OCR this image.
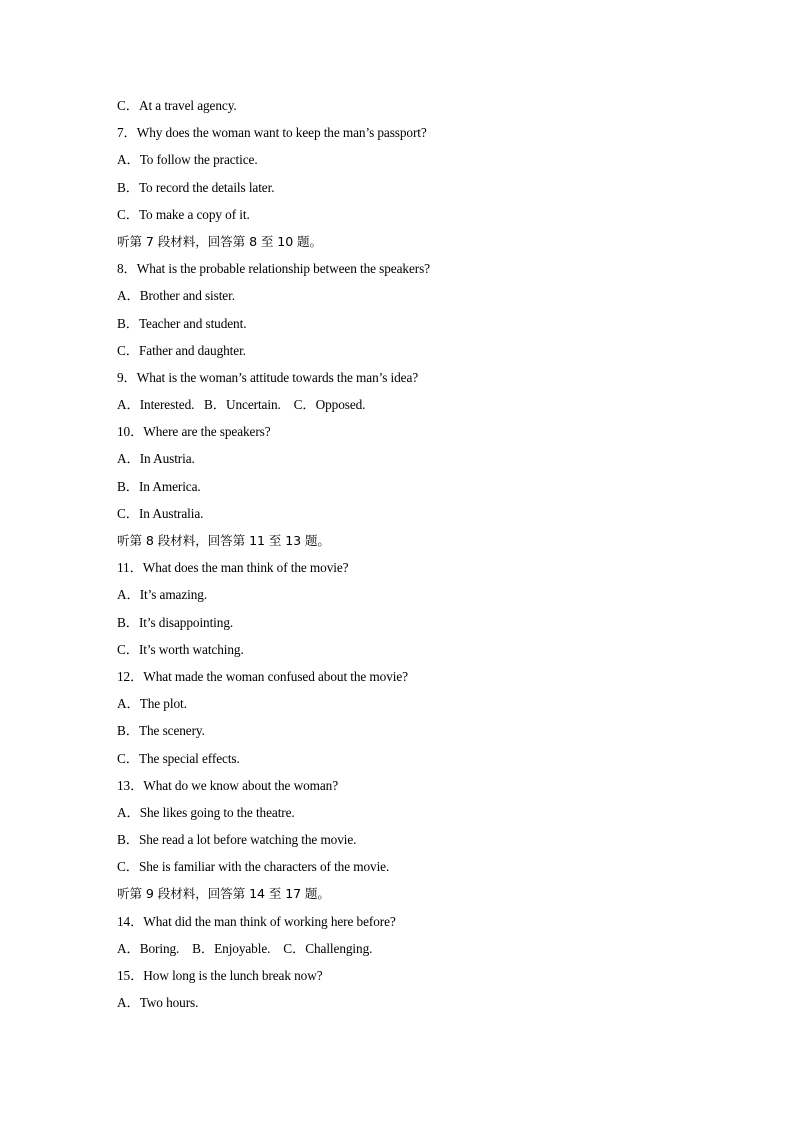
C．At a travel agency.
7．Why does the woman want to keep the man’s passport?
A．To follow the practice.
B．To record the details later.
C．To make a copy of it.
听第 7 段材料，回答第 8 至 10 题。
8．What is the probable relationship between the speakers?
A．Brother and sister.
B．Teacher and student.
C．Father and daughter.
9．What is the woman’s attitude towards the man’s idea?
A．Interested.   B．Uncertain.    C．Opposed.
10．Where are the speakers?
A．In Austria.
B．In America.
C．In Australia.
听第 8 段材料，回答第 11 至 13 题。
11．What does the man think of the movie?
A．It’s amazing.
B．It’s disappointing.
C．It’s worth watching.
12．What made the woman confused about the movie?
A．The plot.
B．The scenery.
C．The special effects.
13．What do we know about the woman?
A．She likes going to the theatre.
B．She read a lot before watching the movie.
C．She is familiar with the characters of the movie.
听第 9 段材料，回答第 14 至 17 题。
14．What did the man think of working here before?
A．Boring.    B．Enjoyable.    C．Challenging.
15．How long is the lunch break now?
A．Two hours.
